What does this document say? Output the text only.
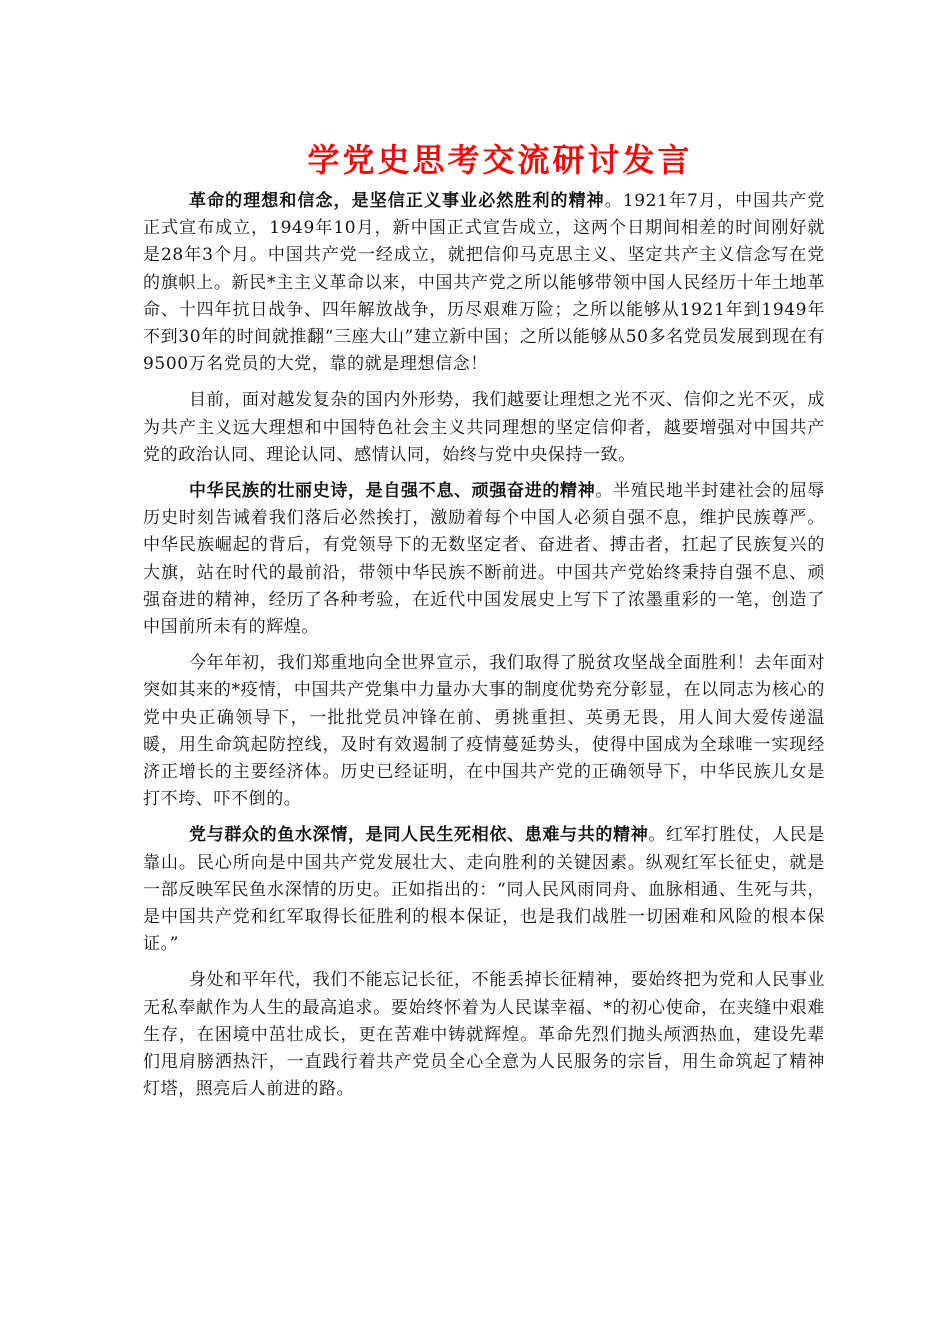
学党史思考交流研讨发言

革命的理想和信念，是坚信正义事业必然胜利的精神。1921年7月，中国共产党正式宣布成立，1949年10月，新中国正式宣告成立，这两个日期间相差的时间刚好就是28年3个月。中国共产党一经成立，就把信仰马克思主义、坚定共产主义信念写在党的旗帜上。新民*主主义革命以来，中国共产党之所以能够带领中国人民经历十年土地革命、十四年抗日战争、四年解放战争，历尽艰难万险；之所以能够从1921年到1949年不到30年的时间就推翻“三座大山”建立新中国；之所以能够从50多名党员发展到现在有9500万名党员的大党，靠的就是理想信念！

目前，面对越发复杂的国内外形势，我们越要让理想之光不灭、信仰之光不灭，成为共产主义远大理想和中国特色社会主义共同理想的坚定信仰者，越要增强对中国共产党的政治认同、理论认同、感情认同，始终与党中央保持一致。

中华民族的壮丽史诗，是自强不息、顽强奋进的精神。半殖民地半封建社会的屈辱历史时刻告诫着我们落后必然挨打，激励着每个中国人必须自强不息，维护民族尊严。中华民族崛起的背后，有党领导下的无数坚定者、奋进者、搏击者，扛起了民族复兴的大旗，站在时代的最前沿，带领中华民族不断前进。中国共产党始终秉持自强不息、顽强奋进的精神，经历了各种考验，在近代中国发展史上写下了浓墨重彩的一笔，创造了中国前所未有的辉煌。

今年年初，我们郑重地向全世界宣示，我们取得了脱贫攻坚战全面胜利！去年面对突如其来的*疫情，中国共产党集中力量办大事的制度优势充分彰显，在以同志为核心的党中央正确领导下，一批批党员冲锋在前、勇挑重担、英勇无畏，用人间大爱传递温暖，用生命筑起防控线，及时有效遏制了疫情蔓延势头，使得中国成为全球唯一实现经济正增长的主要经济体。历史已经证明，在中国共产党的正确领导下，中华民族儿女是打不垮、吓不倒的。

党与群众的鱼水深情，是同人民生死相依、患难与共的精神。红军打胜仗，人民是靠山。民心所向是中国共产党发展壮大、走向胜利的关键因素。纵观红军长征史，就是一部反映军民鱼水深情的历史。正如指出的：“同人民风雨同舟、血脉相通、生死与共，是中国共产党和红军取得长征胜利的根本保证，也是我们战胜一切困难和风险的根本保证。”

身处和平年代，我们不能忘记长征，不能丢掉长征精神，要始终把为党和人民事业无私奉献作为人生的最高追求。要始终怀着为人民谋幸福、*的初心使命，在夹缝中艰难生存，在困境中茁壮成长，更在苦难中铸就辉煌。革命先烈们抛头颅洒热血，建设先辈们甩肩膀洒热汗，一直践行着共产党员全心全意为人民服务的宗旨，用生命筑起了精神灯塔，照亮后人前进的路。
